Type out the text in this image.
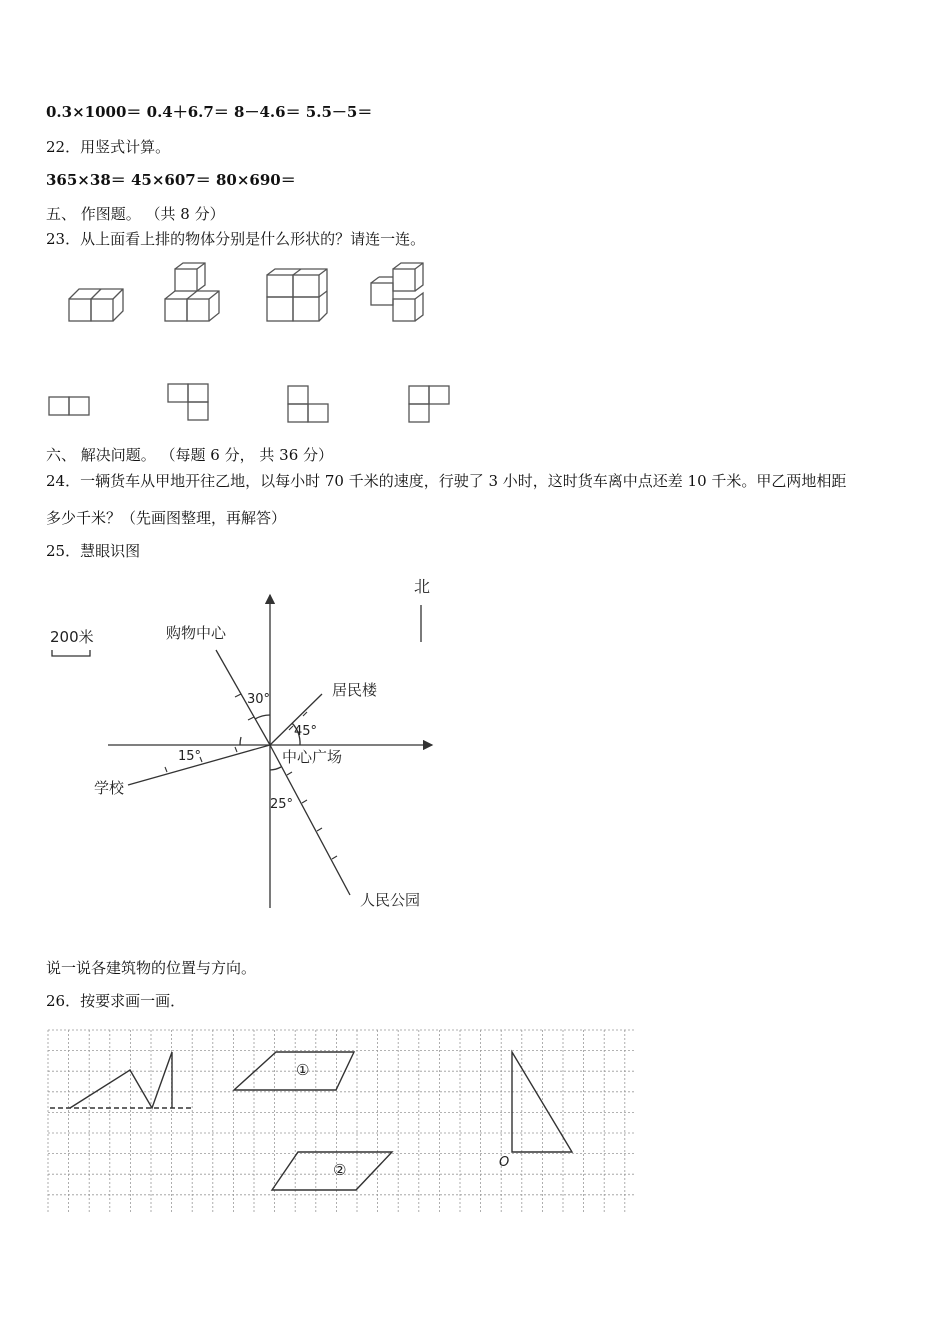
0.3×1000＝ 0.4＋6.7＝ 8－4.6＝ 5.5－5＝
22．用竖式计算。
365×38＝ 45×607＝ 80×690＝
五、 作图题。 （共 8 分）
23．从上面看上排的物体分别是什么形状的？请连一连。
六、 解决问题。 （每题 6 分， 共 36 分）
24．一辆货车从甲地开往乙地，以每小时 70 千米的速度，行驶了 3 小时，这时货车离中点还差 10 千米。甲乙两地相距
多少千米？（先画图整理，再解答）
25．慧眼识图
北
200米	购物中心
居民楼
中心广场
学校
人民公园
30°
45°
15°
25°
说一说各建筑物的位置与方向。
26．按要求画一画．
①
②	O
